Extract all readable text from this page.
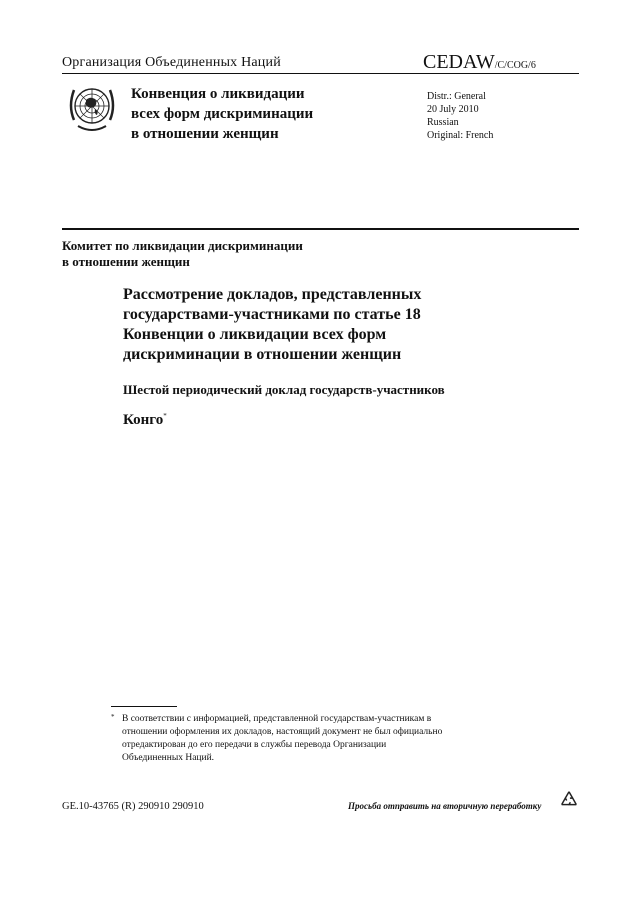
Организация Объединенных Наций	CEDAW/C/COG/6
Конвенция о ликвидации
всех форм дискриминации
в отношении женщин
Distr.: General
20 July 2010
Russian
Original: French
Комитет по ликвидации дискриминации
в отношении женщин
Рассмотрение докладов, представленных
государствами-участниками по статье 18
Конвенции о ликвидации всех форм
дискриминации в отношении женщин
Шестой периодический доклад государств-участников
Конго*
* В соответствии с информацией, представленной государствам-участникам в
отношении оформления их докладов, настоящий документ не был официально
отредактирован до его передачи в службы перевода Организации
Объединенных Наций.
GE.10-43765 (R) 290910 290910	Просьба отправить на вторичную переработку
